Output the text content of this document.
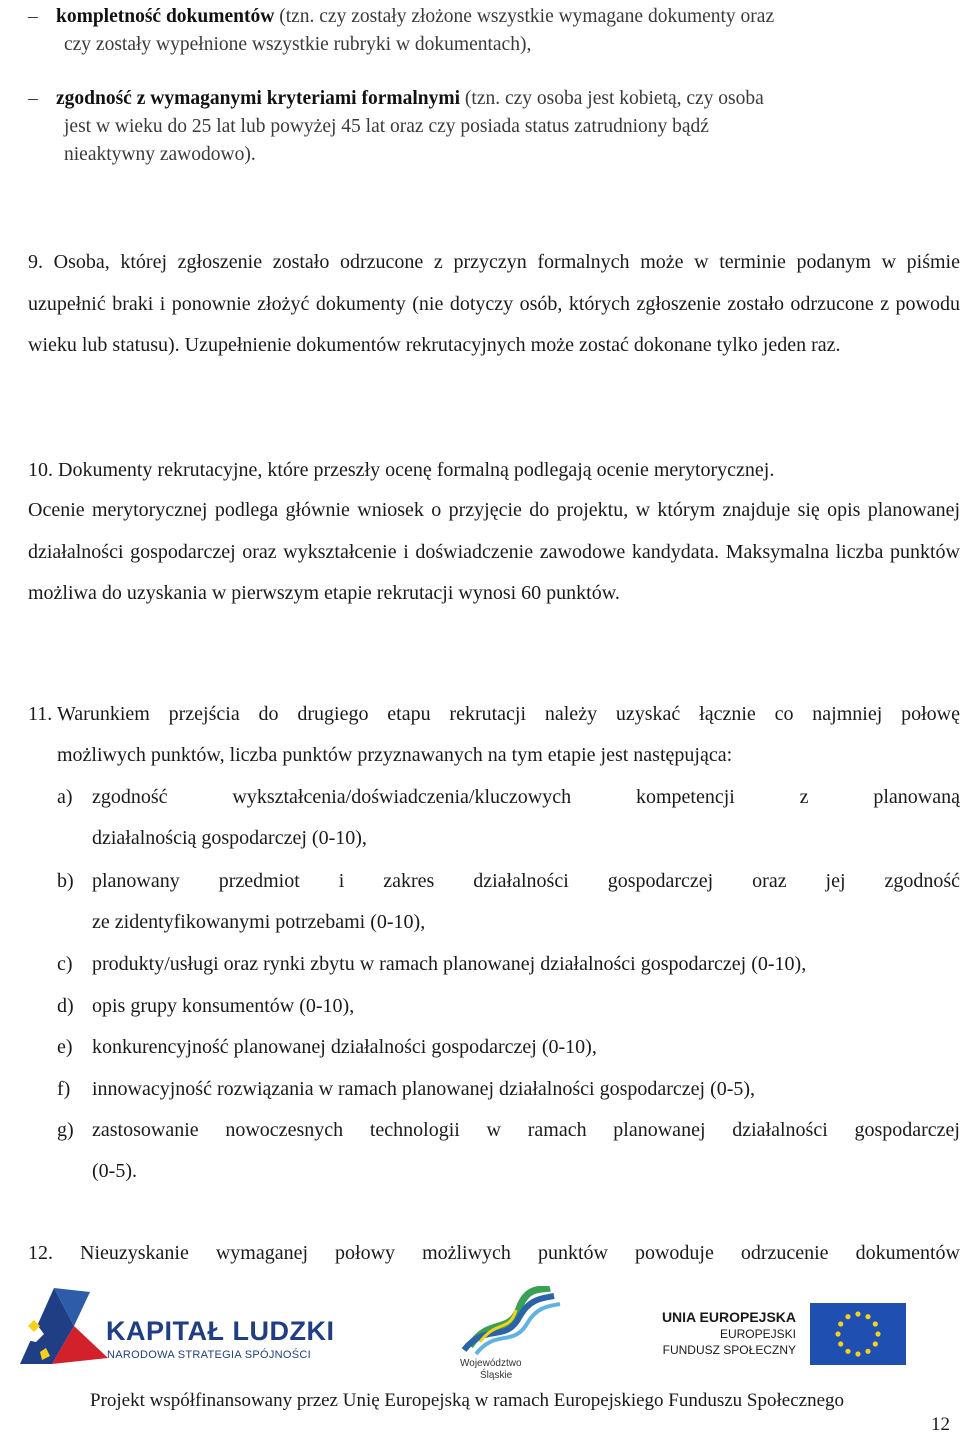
– kompletność dokumentów (tzn. czy zostały złożone wszystkie wymagane dokumenty oraz
czy zostały wypełnione wszystkie rubryki w dokumentach),
– zgodność z wymaganymi kryteriami formalnymi (tzn. czy osoba jest kobietą, czy osoba
jest w wieku do 25 lat lub powyżej 45 lat oraz czy posiada status zatrudniony bądź
nieaktywny zawodowo).
9. Osoba, której zgłoszenie zostało odrzucone z przyczyn formalnych może w terminie podanym w piśmie uzupełnić braki i ponownie złożyć dokumenty (nie dotyczy osób, których zgłoszenie zostało odrzucone z powodu wieku lub statusu). Uzupełnienie dokumentów rekrutacyjnych może zostać dokonane tylko jeden raz.
10. Dokumenty rekrutacyjne, które przeszły ocenę formalną podlegają ocenie merytorycznej.
Ocenie merytorycznej podlega głównie wniosek o przyjęcie do projektu, w którym znajduje się opis planowanej działalności gospodarczej oraz wykształcenie i doświadczenie zawodowe kandydata. Maksymalna liczba punktów możliwa do uzyskania w pierwszym etapie rekrutacji wynosi 60 punktów.
11. Warunkiem przejścia do drugiego etapu rekrutacji należy uzyskać łącznie co najmniej połowę
możliwych punktów, liczba punktów przyznawanych na tym etapie jest następująca:
a) zgodność wykształcenia/doświadczenia/kluczowych kompetencji z planowaną
działalnością gospodarczej (0-10),
b) planowany przedmiot i zakres działalności gospodarczej oraz jej zgodność
ze zidentyfikowanymi potrzebami (0-10),
c) produkty/usługi oraz rynki zbytu w ramach planowanej działalności gospodarczej (0-10),
d) opis grupy konsumentów (0-10),
e) konkurencyjność planowanej działalności gospodarczej (0-10),
f) innowacyjność rozwiązania w ramach planowanej działalności gospodarczej (0-5),
g) zastosowanie nowoczesnych technologii w ramach planowanej działalności gospodarczej
(0-5).
12. Nieuzyskanie wymaganej połowy możliwych punktów powoduje odrzucenie dokumentów
KAPITAŁ LUDZKI
NARODOWA STRATEGIA SPÓJNOŚCI
Województwo
Śląskie
UNIA EUROPEJSKA
EUROPEJSKI
FUNDUSZ SPOŁECZNY
Projekt współfinansowany przez Unię Europejską w ramach Europejskiego Funduszu Społecznego
12
